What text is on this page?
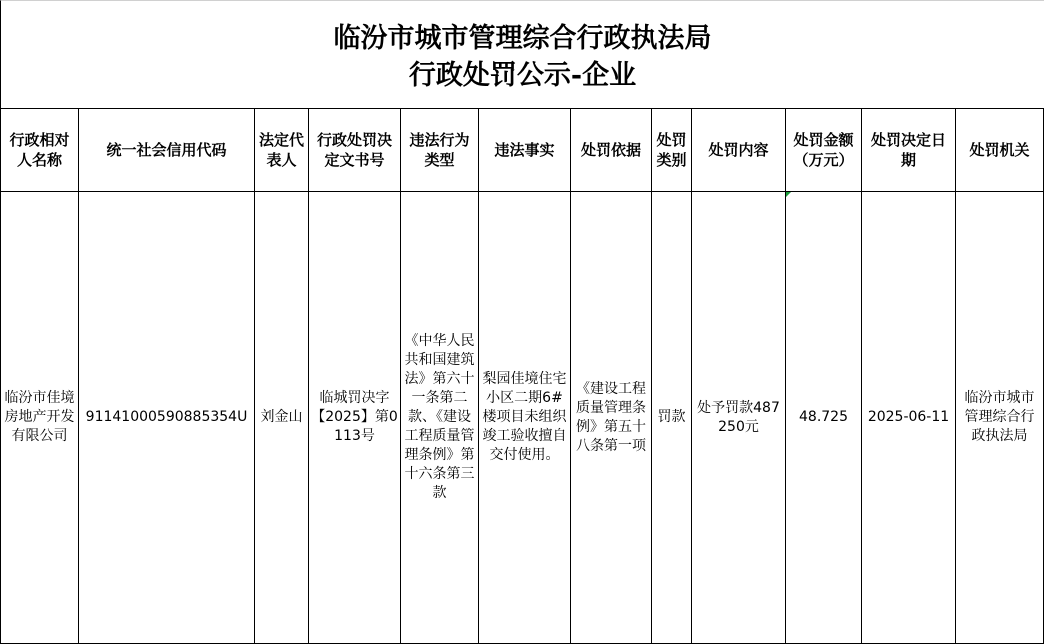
临汾市城市管理综合行政执法局
行政处罚公示-企业
行政相对人名称	统一社会信用代码	法定代表人	行政处罚决定文书号	违法行为类型	违法事实	处罚依据	处罚类别	处罚内容	处罚金额（万元）	处罚决定日期	处罚机关
临汾市佳境房地产开发有限公司	91141000590885354U	刘金山	临城罚决字【2025】第0113号	《中华人民共和国建筑法》第六十一条第二款、《建设工程质量管理条例》第十六条第三款	梨园佳境住宅小区二期6#楼项目未组织竣工验收擅自交付使用。	《建设工程质量管理条例》第五十八条第一项	罚款	处予罚款487250元	48.725	2025-06-11	临汾市城市管理综合行政执法局
